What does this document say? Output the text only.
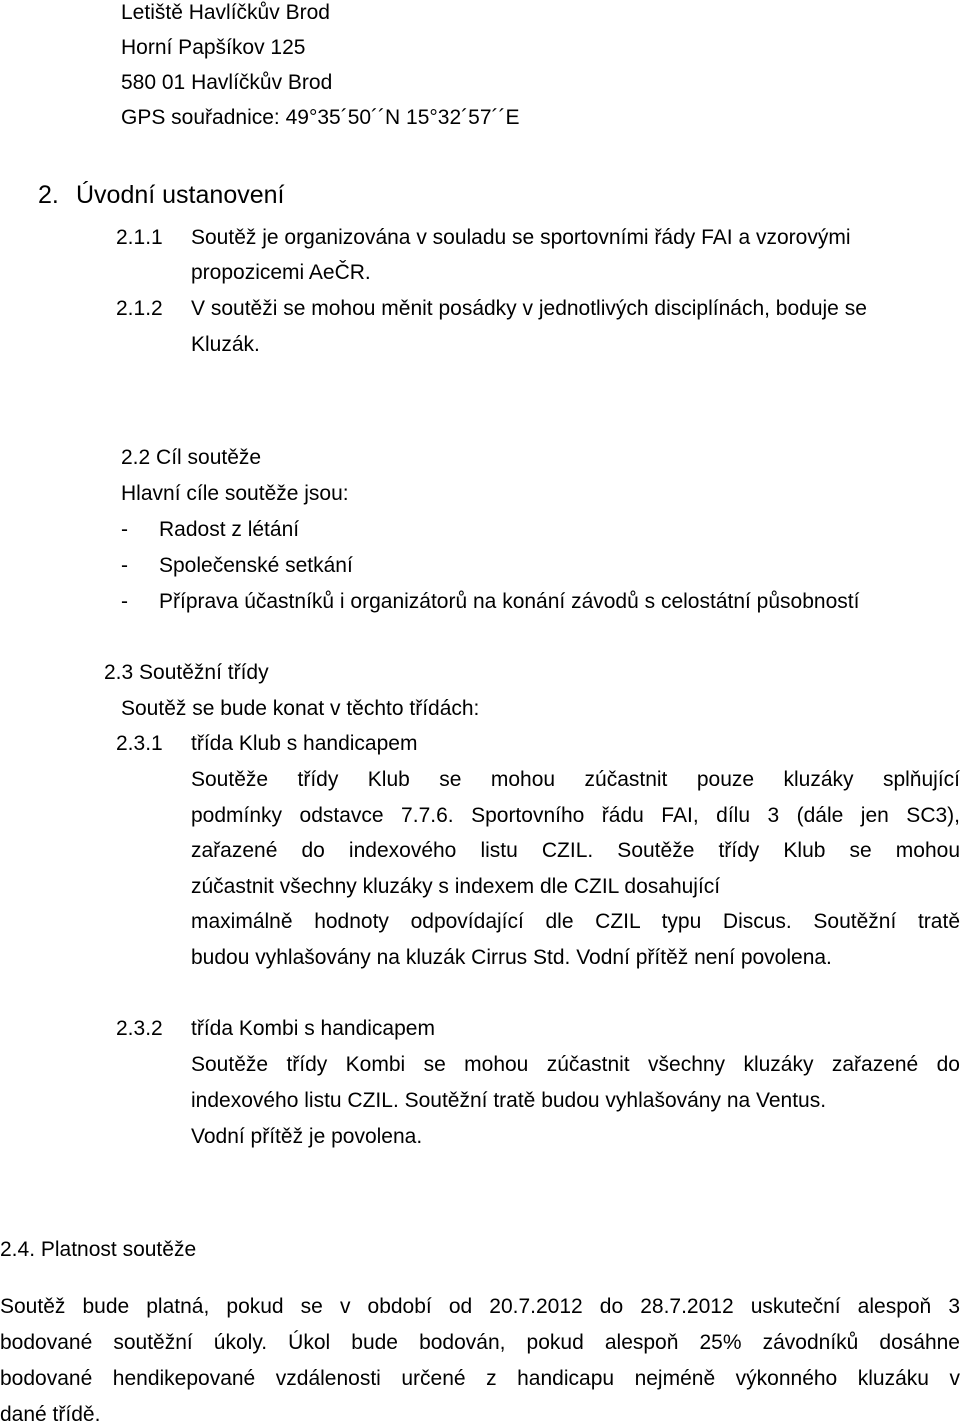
Letiště Havlíčkův Brod
Horní Papšíkov 125
580 01 Havlíčkův Brod
GPS souřadnice: 49°35´50´´N 15°32´57´´E
2. Úvodní ustanovení
2.1.1 Soutěž je organizována v souladu se sportovními řády FAI a vzorovými
propozicemi AeČR.
2.1.2 V soutěži se mohou měnit posádky v jednotlivých disciplínách, boduje se
Kluzák.
2.2 Cíl soutěže
Hlavní cíle soutěže jsou:
- Radost z létání
- Společenské setkání
- Příprava účastníků i organizátorů na konání závodů s celostátní působností
2.3 Soutěžní třídy
Soutěž se bude konat v těchto třídách:
2.3.1 třída Klub s handicapem
Soutěže třídy Klub se mohou zúčastnit pouze kluzáky splňující
podmínky odstavce 7.7.6. Sportovního řádu FAI, dílu 3 (dále jen SC3),
zařazené do indexového listu CZIL. Soutěže třídy Klub se mohou
zúčastnit všechny kluzáky s indexem dle CZIL dosahující
maximálně hodnoty odpovídající dle CZIL typu Discus. Soutěžní tratě
budou vyhlašovány na kluzák Cirrus Std. Vodní přítěž není povolena.
2.3.2 třída Kombi s handicapem
Soutěže třídy Kombi se mohou zúčastnit všechny kluzáky zařazené do
indexového listu CZIL. Soutěžní tratě budou vyhlašovány na Ventus.
Vodní přítěž je povolena.
2.4. Platnost soutěže
Soutěž bude platná, pokud se v období od 20.7.2012 do 28.7.2012 uskuteční alespoň 3
bodované soutěžní úkoly. Úkol bude bodován, pokud alespoň 25% závodníků dosáhne
bodované hendikepované vzdálenosti určené z handicapu nejméně výkonného kluzáku v
dané třídě.
